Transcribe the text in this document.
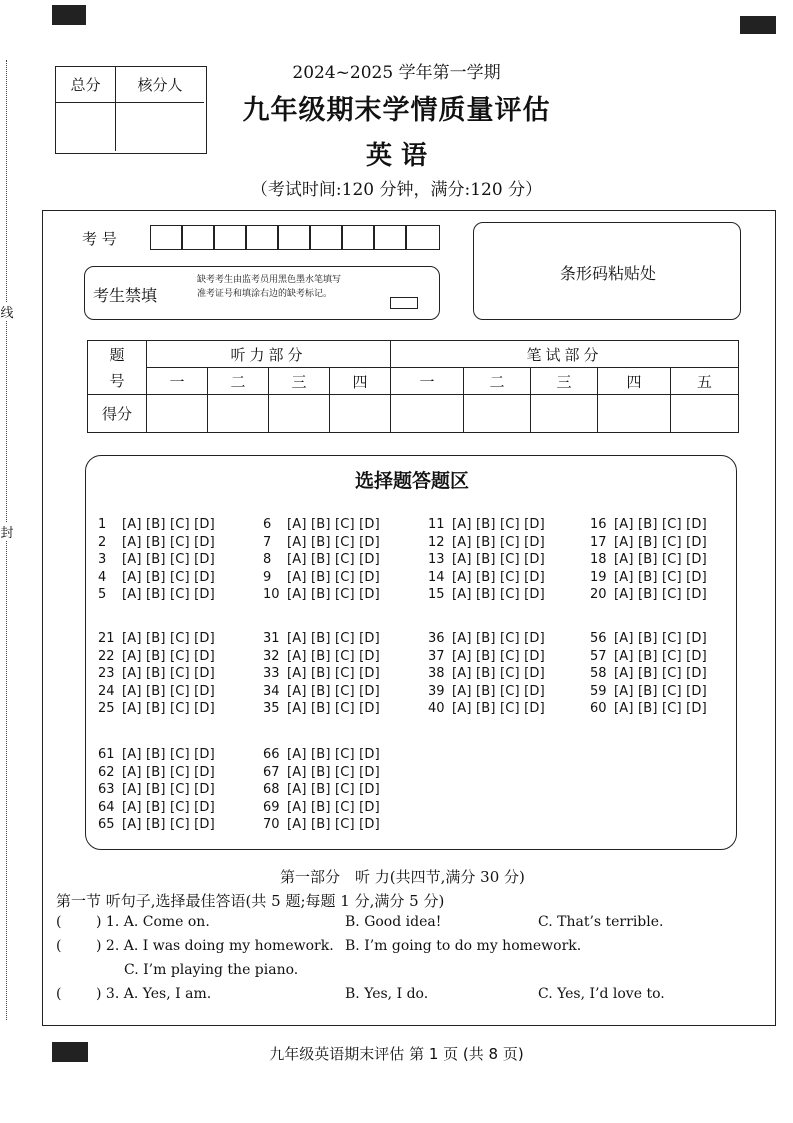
线
封
总分	核分人
2024~2025 学年第一学期
九年级期末学情质量评估
英 语
（考试时间:120 分钟，满分:120 分）
考 号
考生禁填
缺考考生由监考员用黑色墨水笔填写准考证号和填涂右边的缺考标记。
条形码粘贴处
题	听力部分				笔试部分				
号	一	二	三	四	一	二	三	四	五
得分									
选择题答题区
1 [A] [B] [C] [D]
2 [A] [B] [C] [D]
3 [A] [B] [C] [D]
4 [A] [B] [C] [D]
5 [A] [B] [C] [D]
6 [A] [B] [C] [D]
7 [A] [B] [C] [D]
8 [A] [B] [C] [D]
9 [A] [B] [C] [D]
10 [A] [B] [C] [D]
11 [A] [B] [C] [D]
12 [A] [B] [C] [D]
13 [A] [B] [C] [D]
14 [A] [B] [C] [D]
15 [A] [B] [C] [D]
16 [A] [B] [C] [D]
17 [A] [B] [C] [D]
18 [A] [B] [C] [D]
19 [A] [B] [C] [D]
20 [A] [B] [C] [D]
21 [A] [B] [C] [D]
22 [A] [B] [C] [D]
23 [A] [B] [C] [D]
24 [A] [B] [C] [D]
25 [A] [B] [C] [D]
31 [A] [B] [C] [D]
32 [A] [B] [C] [D]
33 [A] [B] [C] [D]
34 [A] [B] [C] [D]
35 [A] [B] [C] [D]
36 [A] [B] [C] [D]
37 [A] [B] [C] [D]
38 [A] [B] [C] [D]
39 [A] [B] [C] [D]
40 [A] [B] [C] [D]
56 [A] [B] [C] [D]
57 [A] [B] [C] [D]
58 [A] [B] [C] [D]
59 [A] [B] [C] [D]
60 [A] [B] [C] [D]
61 [A] [B] [C] [D]
62 [A] [B] [C] [D]
63 [A] [B] [C] [D]
64 [A] [B] [C] [D]
65 [A] [B] [C] [D]
66 [A] [B] [C] [D]
67 [A] [B] [C] [D]
68 [A] [B] [C] [D]
69 [A] [B] [C] [D]
70 [A] [B] [C] [D]
第一部分　听 力(共四节,满分 30 分)
第一节 听句子,选择最佳答语(共 5 题;每题 1 分,满分 5 分)
( ) 1. A. Come on.	B. Good idea!	C. That’s terrible.
( ) 2. A. I was doing my homework. B. I’m going to do my homework.
C. I’m playing the piano.
( ) 3. A. Yes, I am.	B. Yes, I do.	C. Yes, I’d love to.
九年级英语期末评估 第 1 页 (共 8 页)
